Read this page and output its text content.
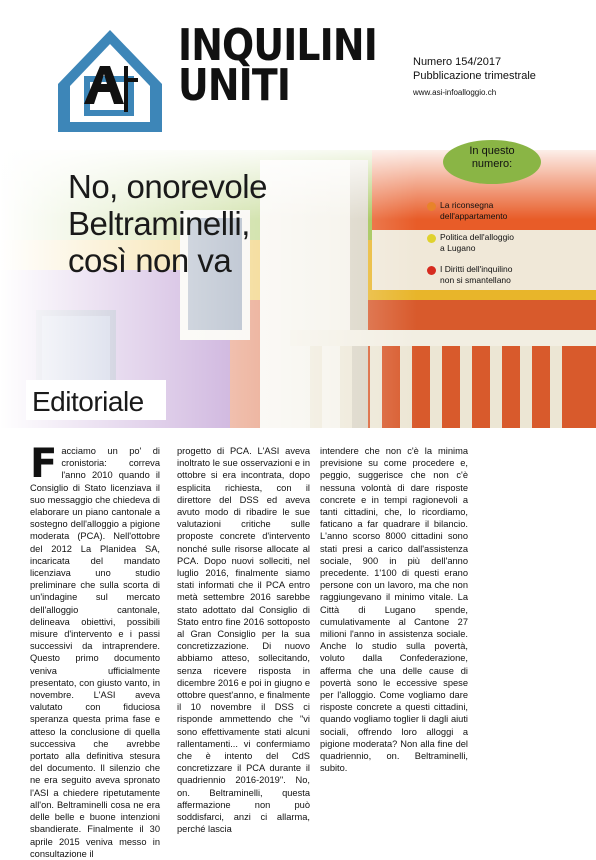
INQUILINI
UNITI	Numero 154/2017
Pubblicazione trimestrale
www.asi-infoalloggio.ch
No, onorevole
Beltraminelli,
così non va
In questo
numero:
La riconsegna
dell'appartamento
Politica dell'alloggio
a Lugano
I Diritti dell'inquilino
non si smantellano
Editoriale
Facciamo un po' di cronistoria: correva l'anno 2010 quando il Consiglio di Stato licenziava il suo messaggio che chiedeva di elaborare un piano cantonale a sostegno dell'alloggio a pigione moderata (PCA). Nell'ottobre del 2012 La Planidea SA, incaricata del mandato licenziava uno studio preliminare che sulla scorta di un'indagine sul mercato dell'alloggio cantonale, delineava obiettivi, possibili misure d'intervento e i passi successivi da intraprendere. Questo primo documento veniva ufficialmente presentato, con giusto vanto, in novembre. L'ASI aveva valutato con fiduciosa speranza questa prima fase e atteso la conclusione di quella successiva che avrebbe portato alla definitiva stesura del documento. Il silenzio che ne era seguito aveva spronato l'ASI a chiedere ripetutamente all'on. Beltraminelli cosa ne era delle belle e buone intenzioni sbandierate. Finalmente il 30 aprile 2015 veniva messo in consultazione il
progetto di PCA. L'ASI aveva inoltrato le sue osservazioni e in ottobre si era incontrata, dopo esplicita richiesta, con il direttore del DSS ed aveva avuto modo di ribadire le sue valutazioni critiche sulle proposte concrete d'intervento nonché sulle risorse allocate al PCA. Dopo nuovi solleciti, nel luglio 2016, finalmente siamo stati informati che il PCA entro metà settembre 2016 sarebbe stato adottato dal Consiglio di Stato entro fine 2016 sottoposto al Gran Consiglio per la sua concretizzazione. Di nuovo abbiamo atteso, sollecitando, senza ricevere risposta in dicembre 2016 e poi in giugno e ottobre quest'anno, e finalmente il 10 novembre il DSS ci risponde ammettendo che "vi sono effettivamente stati alcuni rallentamenti... vi confermiamo che è intento del CdS concretizzare il PCA durante il quadriennio 2016-2019". No, on. Beltraminelli, questa affermazione non può soddisfarci, anzi ci allarma, perché lascia
intendere che non c'è la minima previsione su come procedere e, peggio, suggerisce che non c'è nessuna volontà di dare risposte concrete e in tempi ragionevoli a tanti cittadini, che, lo ricordiamo, faticano a far quadrare il bilancio. L'anno scorso 8000 cittadini sono stati presi a carico dall'assistenza sociale, 900 in più dell'anno precedente. 1'100 di questi erano persone con un lavoro, ma che non raggiungevano il minimo vitale. La Città di Lugano spende, cumulativamente al Cantone 27 milioni l'anno in assistenza sociale. Anche lo studio sulla povertà, voluto dalla Confederazione, afferma che una delle cause di povertà sono le eccessive spese per l'alloggio. Come vogliamo dare risposte concrete a questi cittadini, quando vogliamo toglier li dagli aiuti sociali, offrendo loro alloggi a pigione moderata? Non alla fine del quadriennio, on. Beltraminelli, subito.
